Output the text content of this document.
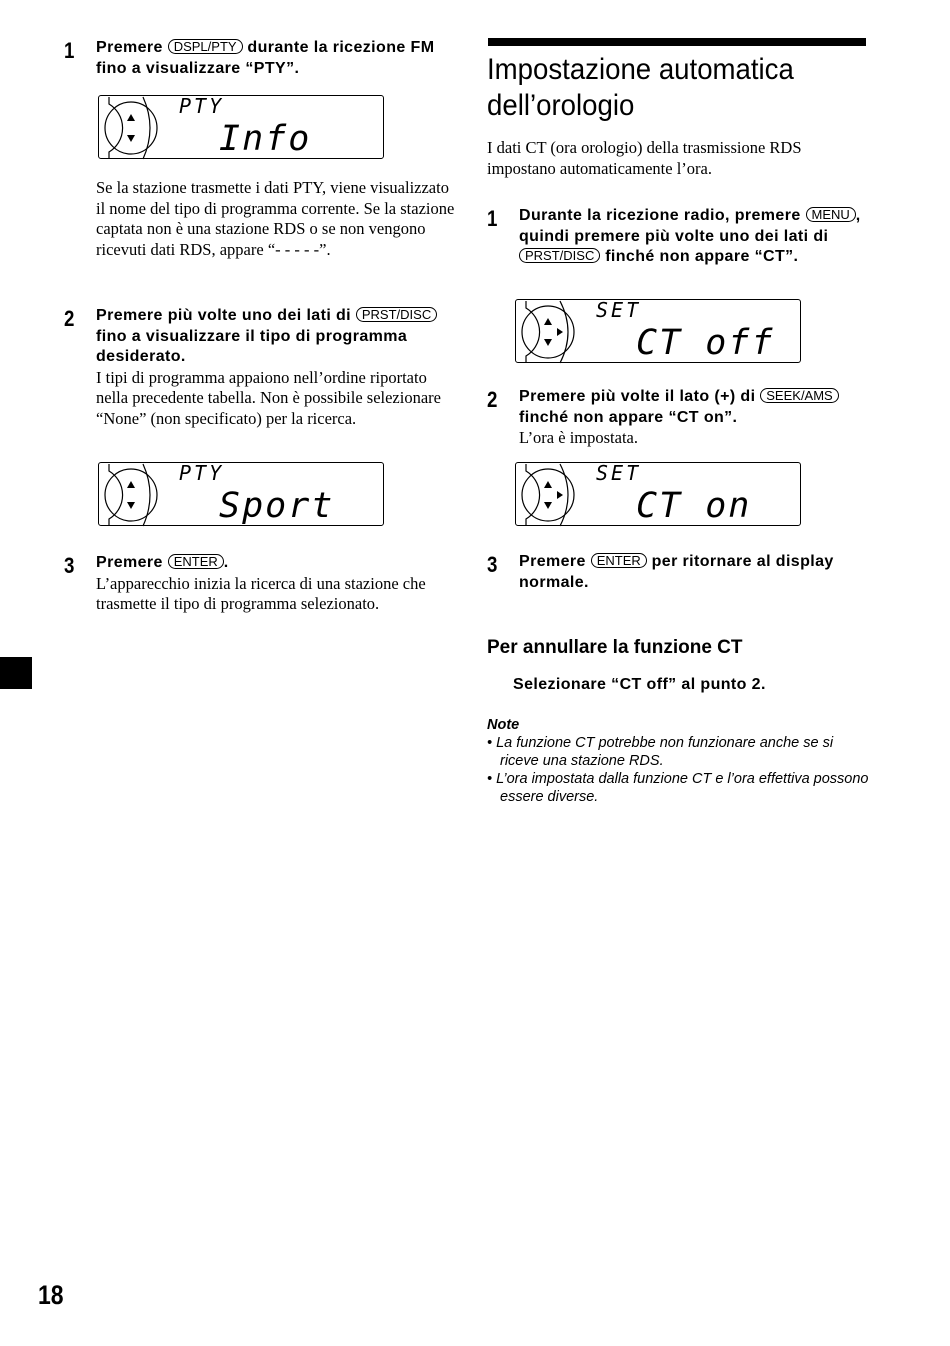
1 Premere DSPL/PTY durante la ricezione FM fino a visualizzare “PTY”.
PTY
Info
Se la stazione trasmette i dati PTY, viene visualizzato il nome del tipo di programma corrente. Se la stazione captata non è una stazione RDS o se non vengono ricevuti dati RDS, appare “- - - - -”.
2 Premere più volte uno dei lati di PRST/DISC fino a visualizzare il tipo di programma desiderato.
I tipi di programma appaiono nell’ordine riportato nella precedente tabella. Non è possibile selezionare “None” (non specificato) per la ricerca.
PTY
Sport
3 Premere ENTER .
L’apparecchio inizia la ricerca di una stazione che trasmette il tipo di programma selezionato.
Impostazione automatica
dell’orologio
I dati CT (ora orologio) della trasmissione RDS impostano automaticamente l’ora.
1 Durante la ricezione radio, premere MENU , quindi premere più volte uno dei lati di PRST/DISC finché non appare “CT”.
SET
CT off
2 Premere più volte il lato (+) di SEEK/AMS finché non appare “CT on”.
L’ora è impostata.
SET
CT on
3 Premere ENTER per ritornare al display normale.
Per annullare la funzione CT
Selezionare “CT off” al punto 2.
Note
• La funzione CT potrebbe non funzionare anche se si riceve una stazione RDS.
• L’ora impostata dalla funzione CT e l’ora effettiva possono essere diverse.
18
